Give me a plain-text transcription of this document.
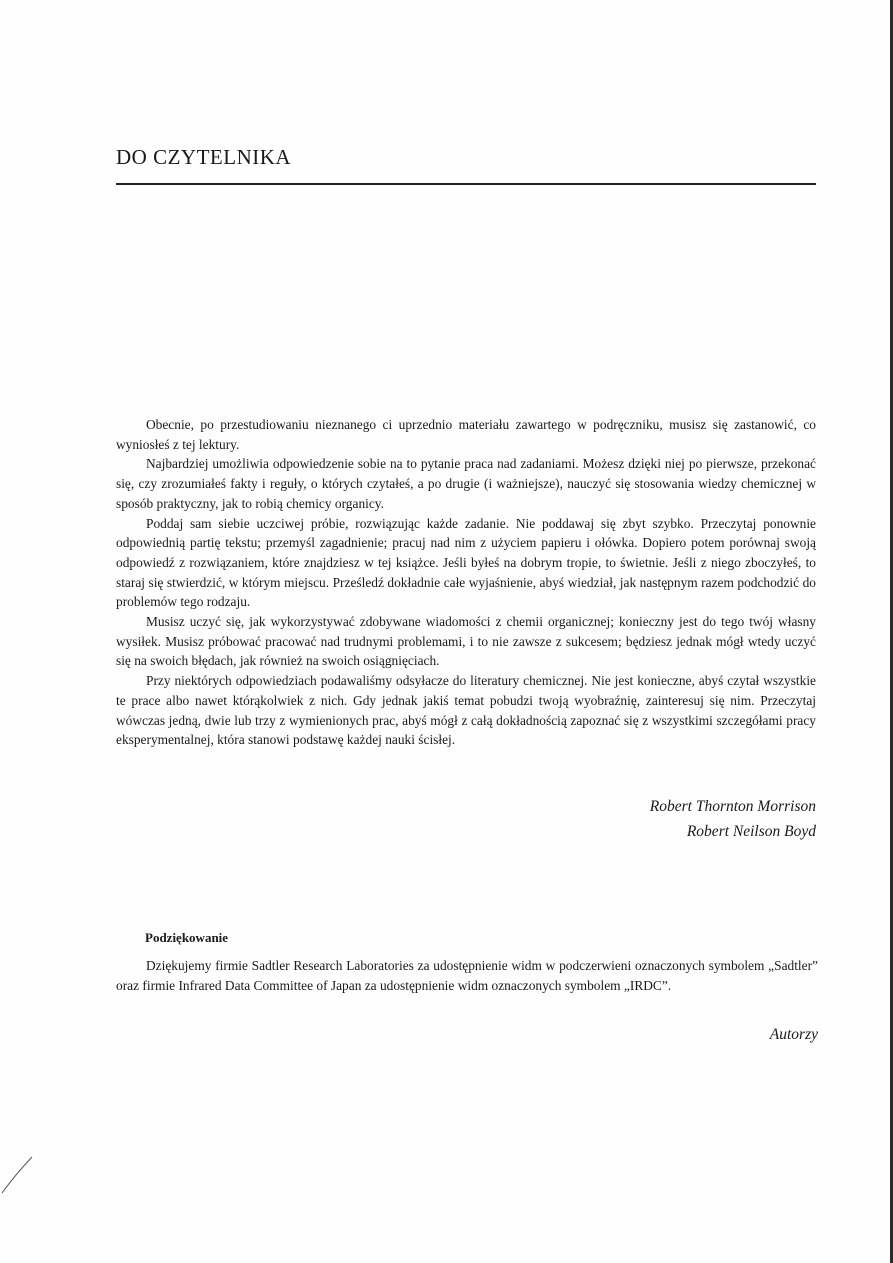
DO CZYTELNIKA

Obecnie, po przestudiowaniu nieznanego ci uprzednio materiału zawartego w podręczniku, musisz się zastanowić, co wyniosłeś z tej lektury.

Najbardziej umożliwia odpowiedzenie sobie na to pytanie praca nad zadaniami. Możesz dzięki niej po pierwsze, przekonać się, czy zrozumiałeś fakty i reguły, o których czytałeś, a po drugie (i ważniejsze), nauczyć się stosowania wiedzy chemicznej w sposób praktyczny, jak to robią chemicy organicy.

Poddaj sam siebie uczciwej próbie, rozwiązując każde zadanie. Nie poddawaj się zbyt szybko. Przeczytaj ponownie odpowiednią partię tekstu; przemyśl zagadnienie; pracuj nad nim z użyciem papieru i ołówka. Dopiero potem porównaj swoją odpowiedź z rozwiązaniem, które znajdziesz w tej książce. Jeśli byłeś na dobrym tropie, to świetnie. Jeśli z niego zboczyłeś, to staraj się stwierdzić, w którym miejscu. Prześledź dokładnie całe wyjaśnienie, abyś wiedział, jak następnym razem podchodzić do problemów tego rodzaju.

Musisz uczyć się, jak wykorzystywać zdobywane wiadomości z chemii organicznej; konieczny jest do tego twój własny wysiłek. Musisz próbować pracować nad trudnymi problemami, i to nie zawsze z sukcesem; będziesz jednak mógł wtedy uczyć się na swoich błędach, jak również na swoich osiągnięciach.

Przy niektórych odpowiedziach podawaliśmy odsyłacze do literatury chemicznej. Nie jest konieczne, abyś czytał wszystkie te prace albo nawet którąkolwiek z nich. Gdy jednak jakiś temat pobudzi twoją wyobraźnię, zainteresuj się nim. Przeczytaj wówczas jedną, dwie lub trzy z wymienionych prac, abyś mógł z całą dokładnością zapoznać się z wszystkimi szczegółami pracy eksperymentalnej, która stanowi podstawę każdej nauki ścisłej.

Robert Thornton Morrison
Robert Neilson Boyd
Podziękowanie

Dziękujemy firmie Sadtler Research Laboratories za udostępnienie widm w podczerwieni oznaczonych symbolem „Sadtler” oraz firmie Infrared Data Committee of Japan za udostępnienie widm oznaczonych symbolem „IRDC”.

Autorzy
